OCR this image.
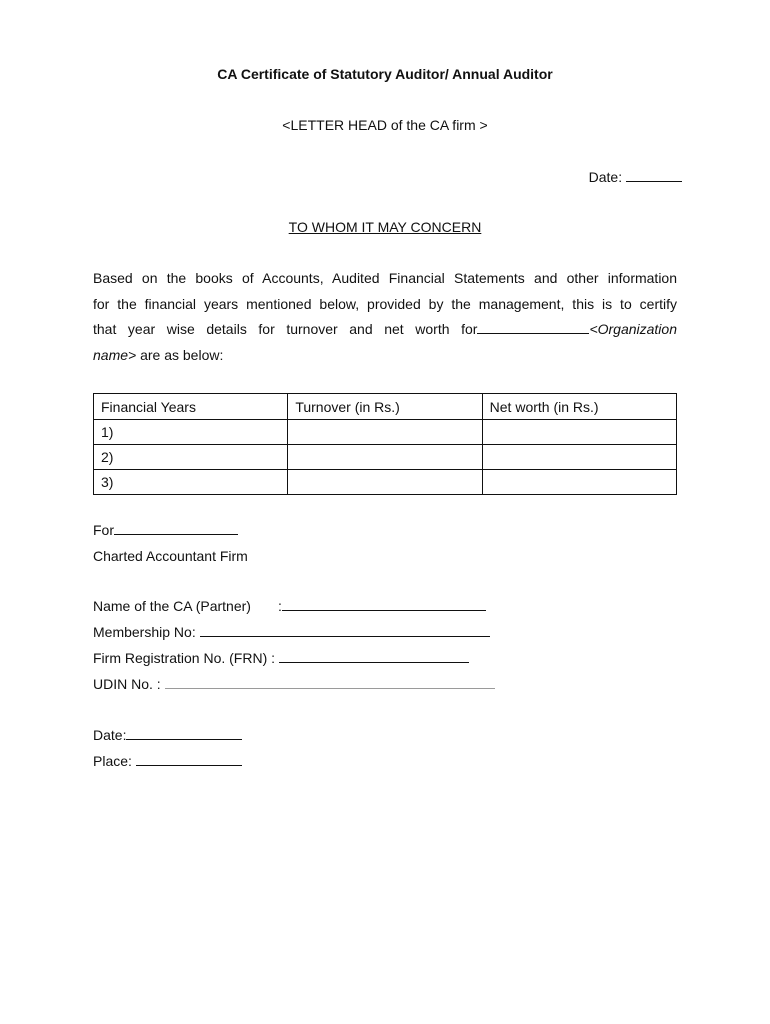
CA Certificate of Statutory Auditor/ Annual Auditor
<LETTER HEAD of the CA firm >
Date:
TO WHOM IT MAY CONCERN
Based on the books of Accounts, Audited Financial Statements and other information
for the financial years mentioned below, provided by the management, this is to certify
that year wise details for turnover and net worth for	<Organization
name> are as below:
Financial Years	Turnover (in Rs.)	Net worth (in Rs.)
1)		
2)		
3)		
For
Charted Accountant Firm
Name of the CA (Partner) :
Membership No:
Firm Registration No. (FRN) :
UDIN No. :
Date:
Place:
